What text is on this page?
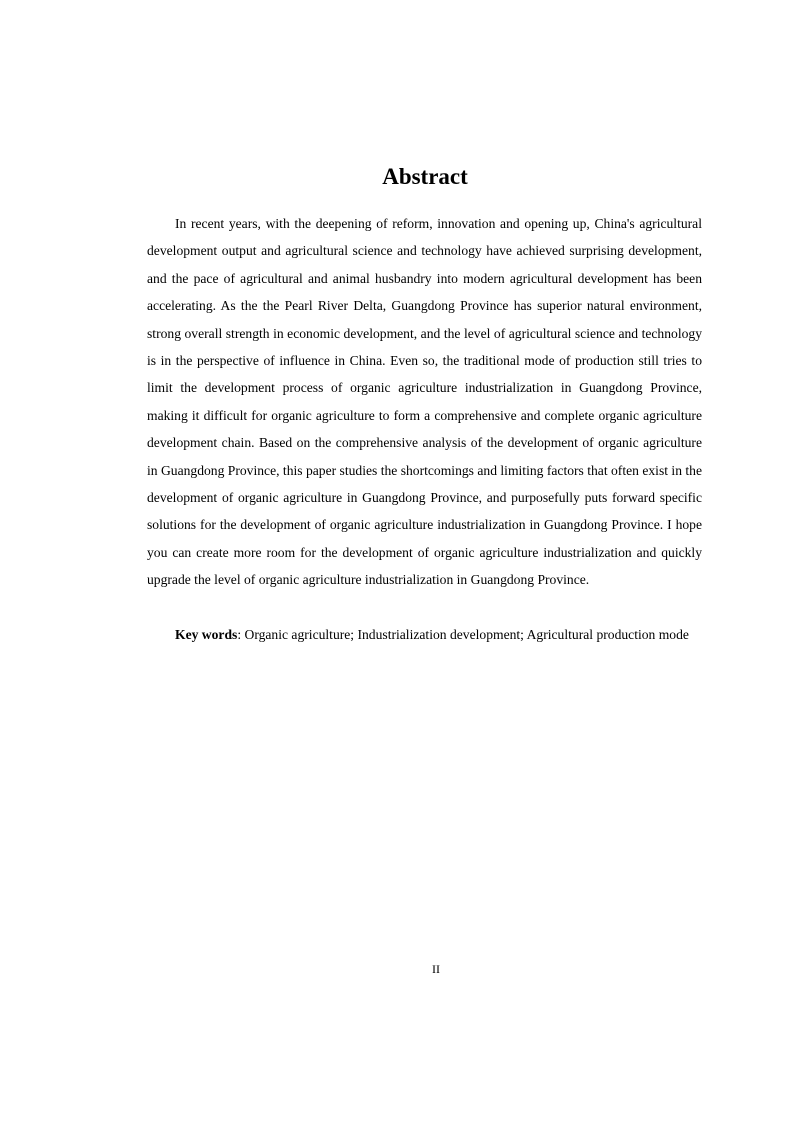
Abstract

In recent years, with the deepening of reform, innovation and opening up, China's agricultural development output and agricultural science and technology have achieved surprising development, and the pace of agricultural and animal husbandry into modern agricultural development has been accelerating. As the the Pearl River Delta, Guangdong Province has superior natural environment, strong overall strength in economic development, and the level of agricultural science and technology is in the perspective of influence in China. Even so, the traditional mode of production still tries to limit the development process of organic agriculture industrialization in Guangdong Province, making it difficult for organic agriculture to form a comprehensive and complete organic agriculture development chain. Based on the comprehensive analysis of the development of organic agriculture in Guangdong Province, this paper studies the shortcomings and limiting factors that often exist in the development of organic agriculture in Guangdong Province, and purposefully puts forward specific solutions for the development of organic agriculture industrialization in Guangdong Province. I hope you can create more room for the development of organic agriculture industrialization and quickly upgrade the level of organic agriculture industrialization in Guangdong Province.

Key words: Organic agriculture; Industrialization development; Agricultural production mode

II
